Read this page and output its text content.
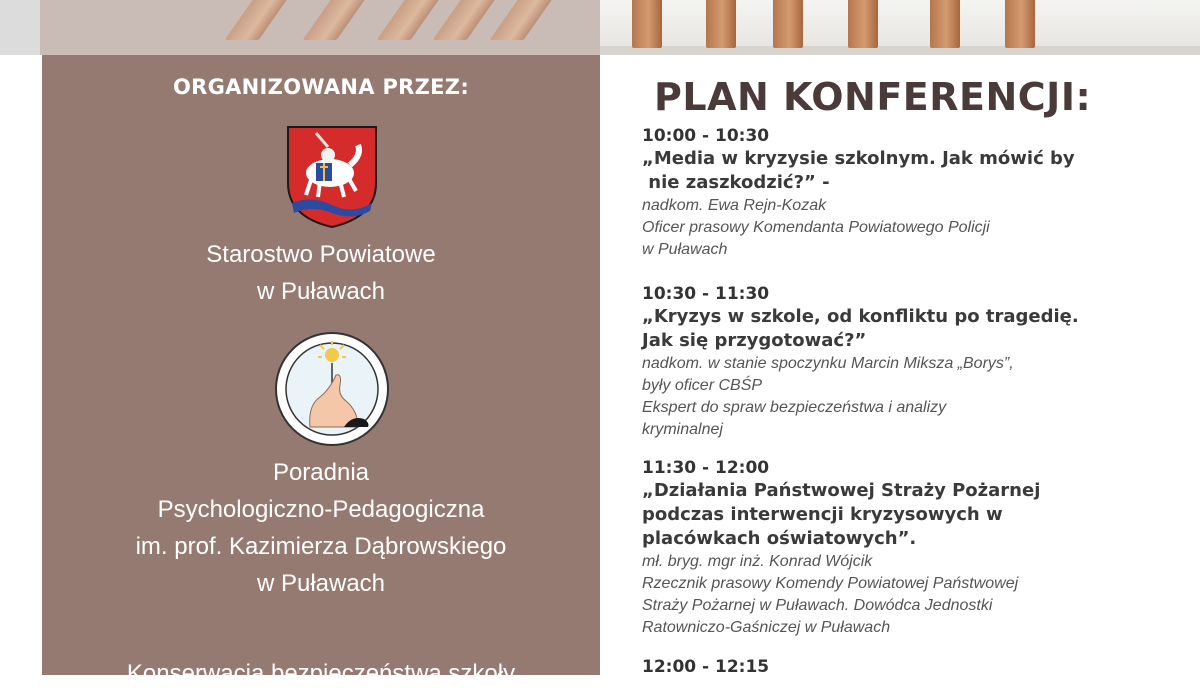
ORGANIZOWANA PRZEZ:
Starostwo Powiatowe
w Puławach
Poradnia
Psychologiczno-Pedagogiczna
im. prof. Kazimierza Dąbrowskiego
w Puławach
Konserwacja bezpieczeństwa szkoły
PLAN KONFERENCJI:
10:00 - 10:30
„Media w kryzysie szkolnym. Jak mówić by
nie zaszkodzić?” -
nadkom. Ewa Rejn-Kozak
Oficer prasowy Komendanta Powiatowego Policji
w Puławach
10:30 - 11:30
„Kryzys w szkole, od konfliktu po tragedię.
Jak się przygotować?”
nadkom. w stanie spoczynku Marcin Miksza „Borys”,
były oficer CBŚP
Ekspert do spraw bezpieczeństwa i analizy
kryminalnej
11:30 - 12:00
„Działania Państwowej Straży Pożarnej
podczas interwencji kryzysowych w
placówkach oświatowych”.
mł. bryg. mgr inż. Konrad Wójcik
Rzecznik prasowy Komendy Powiatowej Państwowej
Straży Pożarnej w Puławach. Dowódca Jednostki
Ratowniczo-Gaśniczej w Puławach
12:00 - 12:15
